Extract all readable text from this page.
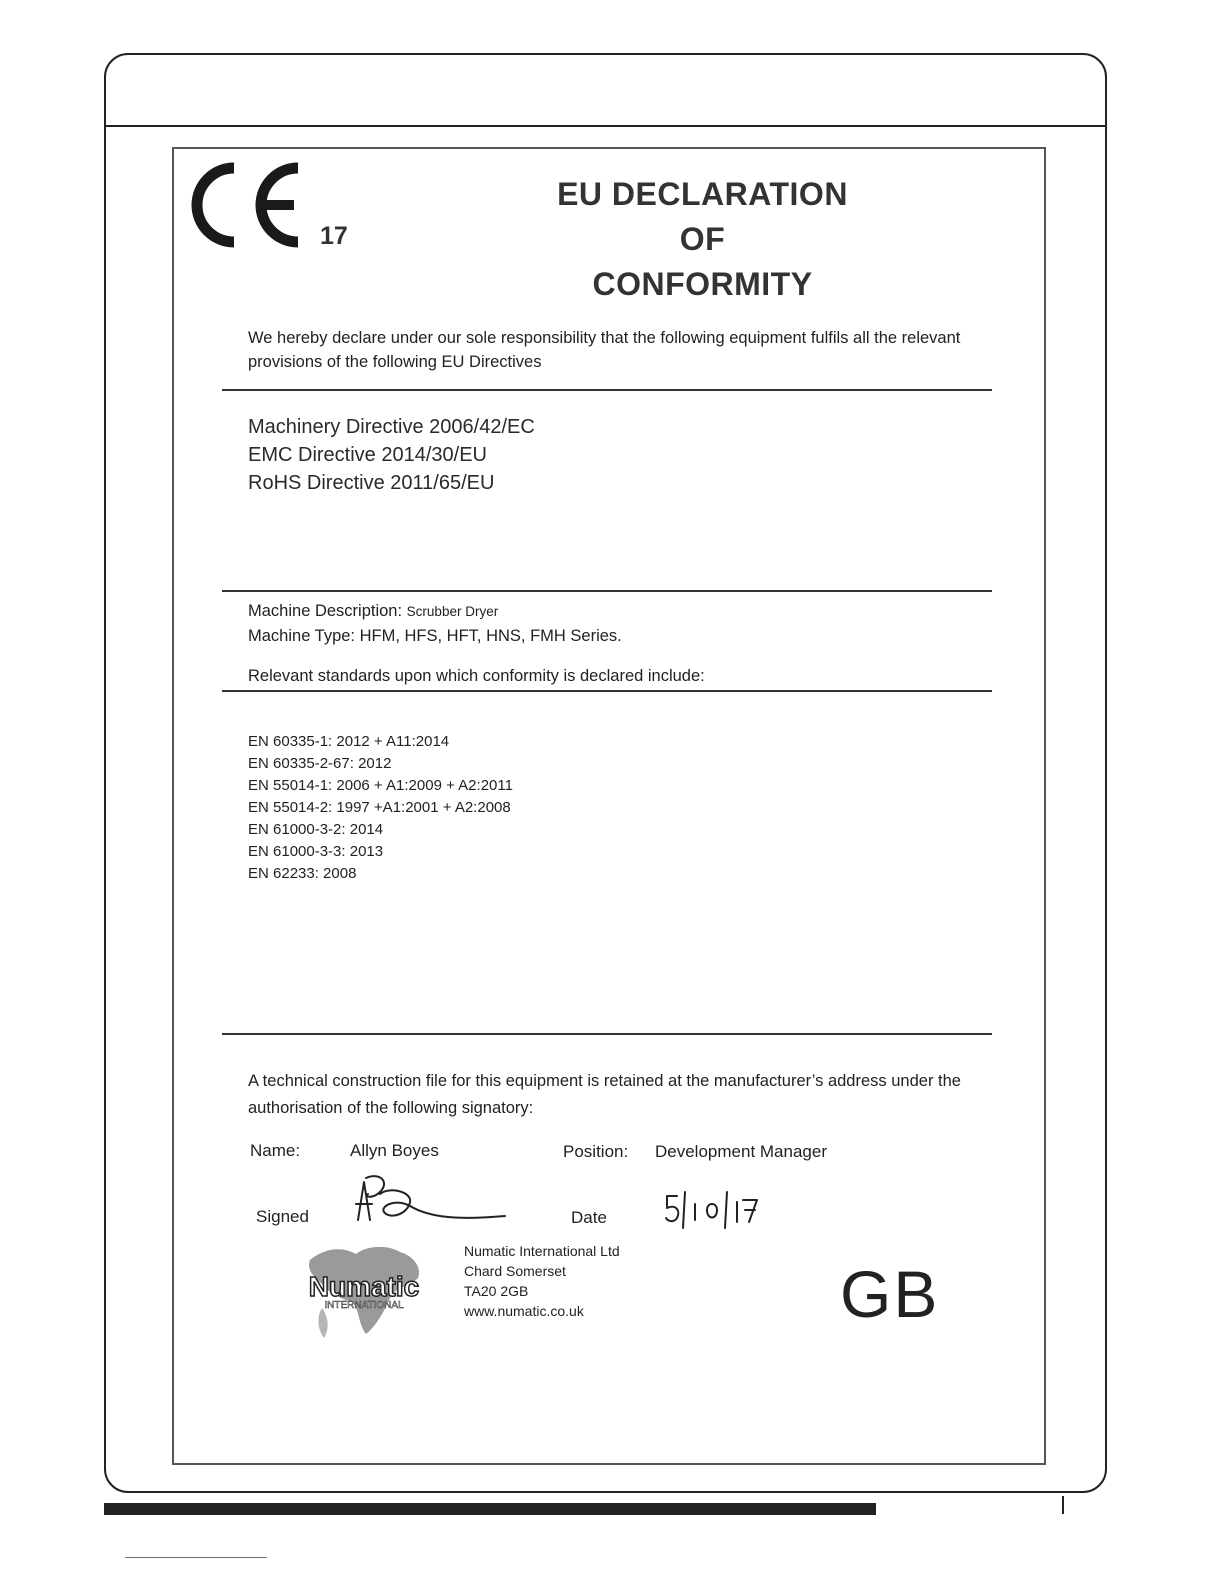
17
EU DECLARATION
OF
CONFORMITY
We hereby declare under our sole responsibility that the following equipment fulfils all the relevant provisions of the following EU Directives
Machinery Directive 2006/42/EC
EMC Directive 2014/30/EU
RoHS Directive 2011/65/EU
Machine Description: Scrubber Dryer
Machine Type: HFM, HFS, HFT, HNS, FMH Series.
Relevant standards upon which conformity is declared include:
EN 60335-1: 2012 + A11:2014
EN 60335-2-67: 2012
EN 55014-1: 2006 + A1:2009 + A2:2011
EN 55014-2: 1997 +A1:2001 + A2:2008
EN 61000-3-2: 2014
EN 61000-3-3: 2013
EN 62233: 2008
A technical construction file for this equipment is retained at the manufacturer’s address under the authorisation of the following signatory:
Name:	Allyn Boyes	Position: Development Manager
Signed	Date
Numatic
INTERNATIONAL
Numatic International Ltd
Chard Somerset
TA20 2GB
www.numatic.co.uk	GB
